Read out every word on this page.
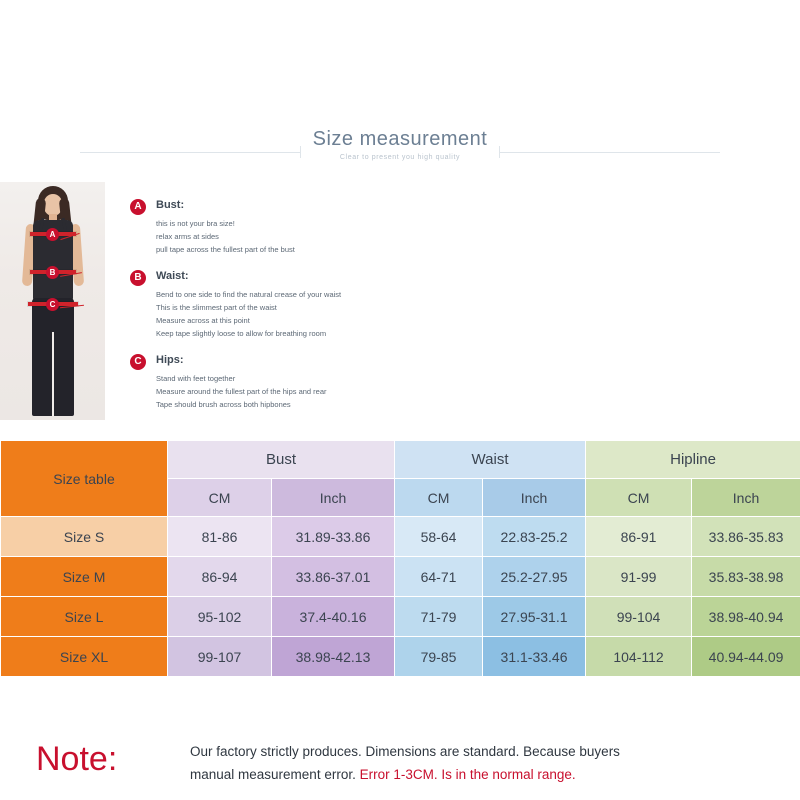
Size measurement
Clear to present you high quality
A
B
C
A	Bust:
this is not your bra size!
relax arms at sides
pull tape across the fullest part of the bust
B	Waist:
Bend to one side to find the natural crease of your waist
This is the slimmest part of the waist
Measure across at this point
Keep tape slightly loose to allow for breathing room
C	Hips:
Stand with feet together
Measure around the fullest part of the hips and rear
Tape should brush across both hipbones
Size table	Bust		Waist		Hipline	
	CM	Inch	CM	Inch	CM	Inch
Size S	81-86	31.89-33.86	58-64	22.83-25.2	86-91	33.86-35.83
Size M	86-94	33.86-37.01	64-71	25.2-27.95	91-99	35.83-38.98
Size L	95-102	37.4-40.16	71-79	27.95-31.1	99-104	38.98-40.94
Size XL	99-107	38.98-42.13	79-85	31.1-33.46	104-112	40.94-44.09
Note:	Our factory strictly produces. Dimensions are standard. Because buyers
manual measurement error. Error 1-3CM. Is in the normal range.
